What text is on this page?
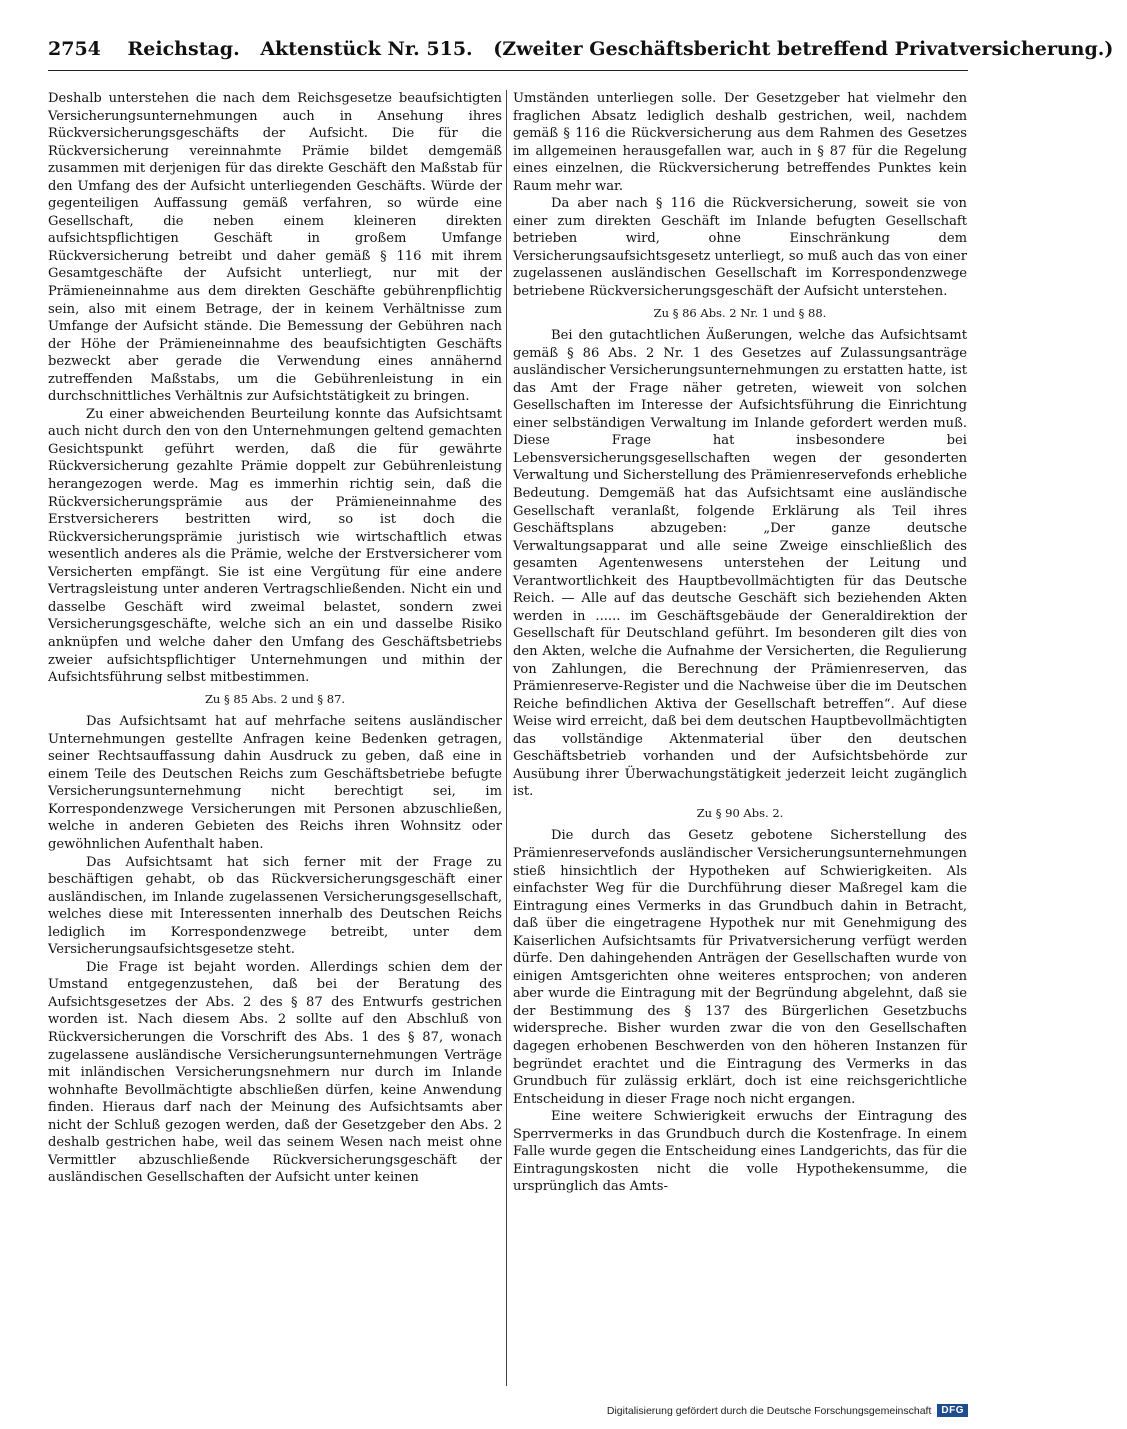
2754 Reichstag. Aktenstück Nr. 515. (Zweiter Geschäftsbericht betreffend Privatversicherung.)

Deshalb unterstehen die nach dem Reichsgesetze beaufsichtigten Versicherungsunternehmungen auch in Ansehung ihres Rückversicherungsgeschäfts der Aufsicht. Die für die Rückversicherung vereinnahmte Prämie bildet demgemäß zusammen mit derjenigen für das direkte Geschäft den Maßstab für den Umfang des der Aufsicht unterliegenden Geschäfts. Würde der gegenteiligen Auffassung gemäß verfahren, so würde eine Gesellschaft, die neben einem kleineren direkten aufsichtspflichtigen Geschäft in großem Umfange Rückversicherung betreibt und daher gemäß § 116 mit ihrem Gesamtgeschäfte der Aufsicht unterliegt, nur mit der Prämieneinnahme aus dem direkten Geschäfte gebührenpflichtig sein, also mit einem Betrage, der in keinem Verhältnisse zum Umfange der Aufsicht stände. Die Bemessung der Gebühren nach der Höhe der Prämieneinnahme des beaufsichtigten Geschäfts bezweckt aber gerade die Verwendung eines annähernd zutreffenden Maßstabs, um die Gebührenleistung in ein durchschnittliches Verhältnis zur Aufsichtstätigkeit zu bringen.

Zu einer abweichenden Beurteilung konnte das Aufsichtsamt auch nicht durch den von den Unternehmungen geltend gemachten Gesichtspunkt geführt werden, daß die für gewährte Rückversicherung gezahlte Prämie doppelt zur Gebührenleistung herangezogen werde. Mag es immerhin richtig sein, daß die Rückversicherungsprämie aus der Prämieneinnahme des Erstversicherers bestritten wird, so ist doch die Rückversicherungsprämie juristisch wie wirtschaftlich etwas wesentlich anderes als die Prämie, welche der Erstversicherer vom Versicherten empfängt. Sie ist eine Vergütung für eine andere Vertragsleistung unter anderen Vertragschließenden. Nicht ein und dasselbe Geschäft wird zweimal belastet, sondern zwei Versicherungsgeschäfte, welche sich an ein und dasselbe Risiko anknüpfen und welche daher den Umfang des Geschäftsbetriebs zweier aufsichtspflichtiger Unternehmungen und mithin der Aufsichtsführung selbst mitbestimmen.

Zu § 85 Abs. 2 und § 87.

Das Aufsichtsamt hat auf mehrfache seitens ausländischer Unternehmungen gestellte Anfragen keine Bedenken getragen, seiner Rechtsauffassung dahin Ausdruck zu geben, daß eine in einem Teile des Deutschen Reichs zum Geschäftsbetriebe befugte Versicherungsunternehmung nicht berechtigt sei, im Korrespondenzwege Versicherungen mit Personen abzuschließen, welche in anderen Gebieten des Reichs ihren Wohnsitz oder gewöhnlichen Aufenthalt haben.

Das Aufsichtsamt hat sich ferner mit der Frage zu beschäftigen gehabt, ob das Rückversicherungsgeschäft einer ausländischen, im Inlande zugelassenen Versicherungsgesellschaft, welches diese mit Interessenten innerhalb des Deutschen Reichs lediglich im Korrespondenzwege betreibt, unter dem Versicherungsaufsichtsgesetze steht.

Die Frage ist bejaht worden. Allerdings schien dem der Umstand entgegenzustehen, daß bei der Beratung des Aufsichtsgesetzes der Abs. 2 des § 87 des Entwurfs gestrichen worden ist. Nach diesem Abs. 2 sollte auf den Abschluß von Rückversicherungen die Vorschrift des Abs. 1 des § 87, wonach zugelassene ausländische Versicherungsunternehmungen Verträge mit inländischen Versicherungsnehmern nur durch im Inlande wohnhafte Bevollmächtigte abschließen dürfen, keine Anwendung finden. Hieraus darf nach der Meinung des Aufsichtsamts aber nicht der Schluß gezogen werden, daß der Gesetzgeber den Abs. 2 deshalb gestrichen habe, weil das seinem Wesen nach meist ohne Vermittler abzuschließende Rückversicherungsgeschäft der ausländischen Gesellschaften der Aufsicht unter keinen

Umständen unterliegen solle. Der Gesetzgeber hat vielmehr den fraglichen Absatz lediglich deshalb gestrichen, weil, nachdem gemäß § 116 die Rückversicherung aus dem Rahmen des Gesetzes im allgemeinen herausgefallen war, auch in § 87 für die Regelung eines einzelnen, die Rückversicherung betreffendes Punktes kein Raum mehr war.

Da aber nach § 116 die Rückversicherung, soweit sie von einer zum direkten Geschäft im Inlande befugten Gesellschaft betrieben wird, ohne Einschränkung dem Versicherungsaufsichtsgesetz unterliegt, so muß auch das von einer zugelassenen ausländischen Gesellschaft im Korrespondenzwege betriebene Rückversicherungsgeschäft der Aufsicht unterstehen.

Zu § 86 Abs. 2 Nr. 1 und § 88.

Bei den gutachtlichen Äußerungen, welche das Aufsichtsamt gemäß § 86 Abs. 2 Nr. 1 des Gesetzes auf Zulassungsanträge ausländischer Versicherungsunternehmungen zu erstatten hatte, ist das Amt der Frage näher getreten, wieweit von solchen Gesellschaften im Interesse der Aufsichtsführung die Einrichtung einer selbständigen Verwaltung im Inlande gefordert werden muß. Diese Frage hat insbesondere bei Lebensversicherungsgesellschaften wegen der gesonderten Verwaltung und Sicherstellung des Prämienreservefonds erhebliche Bedeutung. Demgemäß hat das Aufsichtsamt eine ausländische Gesellschaft veranlaßt, folgende Erklärung als Teil ihres Geschäftsplans abzugeben: „Der ganze deutsche Verwaltungsapparat und alle seine Zweige einschließlich des gesamten Agentenwesens unterstehen der Leitung und Verantwortlichkeit des Hauptbevollmächtigten für das Deutsche Reich. — Alle auf das deutsche Geschäft sich beziehenden Akten werden in ...... im Geschäftsgebäude der Generaldirektion der Gesellschaft für Deutschland geführt. Im besonderen gilt dies von den Akten, welche die Aufnahme der Versicherten, die Regulierung von Zahlungen, die Berechnung der Prämienreserven, das Prämienreserve-Register und die Nachweise über die im Deutschen Reiche befindlichen Aktiva der Gesellschaft betreffen“. Auf diese Weise wird erreicht, daß bei dem deutschen Hauptbevollmächtigten das vollständige Aktenmaterial über den deutschen Geschäftsbetrieb vorhanden und der Aufsichtsbehörde zur Ausübung ihrer Überwachungstätigkeit jederzeit leicht zugänglich ist.

Zu § 90 Abs. 2.

Die durch das Gesetz gebotene Sicherstellung des Prämienreservefonds ausländischer Versicherungsunternehmungen stieß hinsichtlich der Hypotheken auf Schwierigkeiten. Als einfachster Weg für die Durchführung dieser Maßregel kam die Eintragung eines Vermerks in das Grundbuch dahin in Betracht, daß über die eingetragene Hypothek nur mit Genehmigung des Kaiserlichen Aufsichtsamts für Privatversicherung verfügt werden dürfe. Den dahingehenden Anträgen der Gesellschaften wurde von einigen Amtsgerichten ohne weiteres entsprochen; von anderen aber wurde die Eintragung mit der Begründung abgelehnt, daß sie der Bestimmung des § 137 des Bürgerlichen Gesetzbuchs widerspreche. Bisher wurden zwar die von den Gesellschaften dagegen erhobenen Beschwerden von den höheren Instanzen für begründet erachtet und die Eintragung des Vermerks in das Grundbuch für zulässig erklärt, doch ist eine reichsgerichtliche Entscheidung in dieser Frage noch nicht ergangen.

Eine weitere Schwierigkeit erwuchs der Eintragung des Sperrvermerks in das Grundbuch durch die Kostenfrage. In einem Falle wurde gegen die Entscheidung eines Landgerichts, das für die Eintragungskosten nicht die volle Hypothekensumme, die ursprünglich das Amts-

Digitalisierung gefördert durch die Deutsche Forschungsgemeinschaft	DFG
